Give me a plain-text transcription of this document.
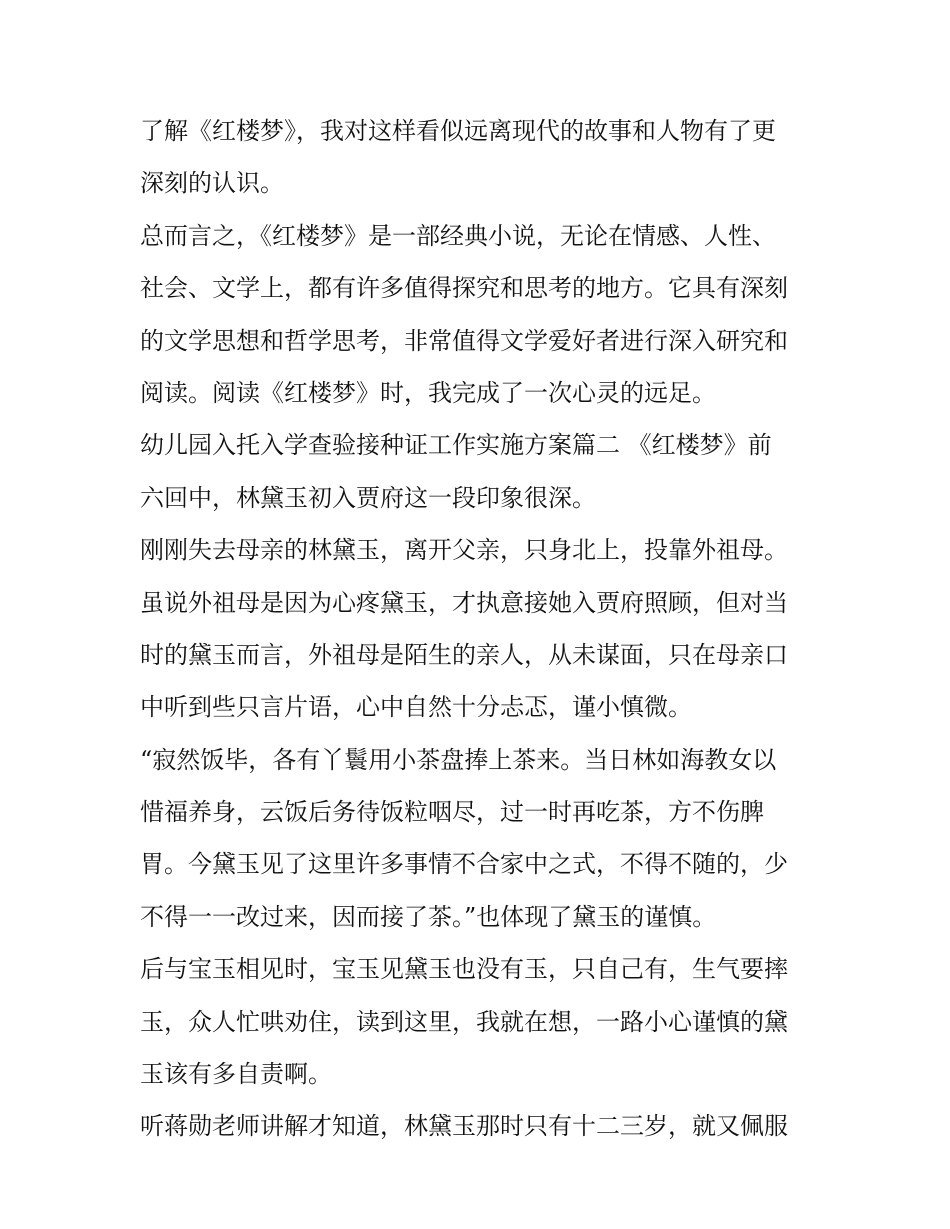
了解《红楼梦》，我对这样看似远离现代的故事和人物有了更
深刻的认识。
总而言之，《红楼梦》是一部经典小说，无论在情感、人性、
社会、文学上，都有许多值得探究和思考的地方。它具有深刻
的文学思想和哲学思考，非常值得文学爱好者进行深入研究和
阅读。阅读《红楼梦》时，我完成了一次心灵的远足。
幼儿园入托入学查验接种证工作实施方案篇二 《红楼梦》前
六回中，林黛玉初入贾府这一段印象很深。
刚刚失去母亲的林黛玉，离开父亲，只身北上，投靠外祖母。
虽说外祖母是因为心疼黛玉，才执意接她入贾府照顾，但对当
时的黛玉而言，外祖母是陌生的亲人，从未谋面，只在母亲口
中听到些只言片语，心中自然十分忐忑，谨小慎微。
“寂然饭毕，各有丫鬟用小茶盘捧上茶来。当日林如海教女以
惜福养身，云饭后务待饭粒咽尽，过一时再吃茶，方不伤脾
胃。今黛玉见了这里许多事情不合家中之式，不得不随的，少
不得一一改过来，因而接了茶。”也体现了黛玉的谨慎。
后与宝玉相见时，宝玉见黛玉也没有玉，只自己有，生气要摔
玉，众人忙哄劝住，读到这里，我就在想，一路小心谨慎的黛
玉该有多自责啊。
听蒋勋老师讲解才知道，林黛玉那时只有十二三岁，就又佩服
